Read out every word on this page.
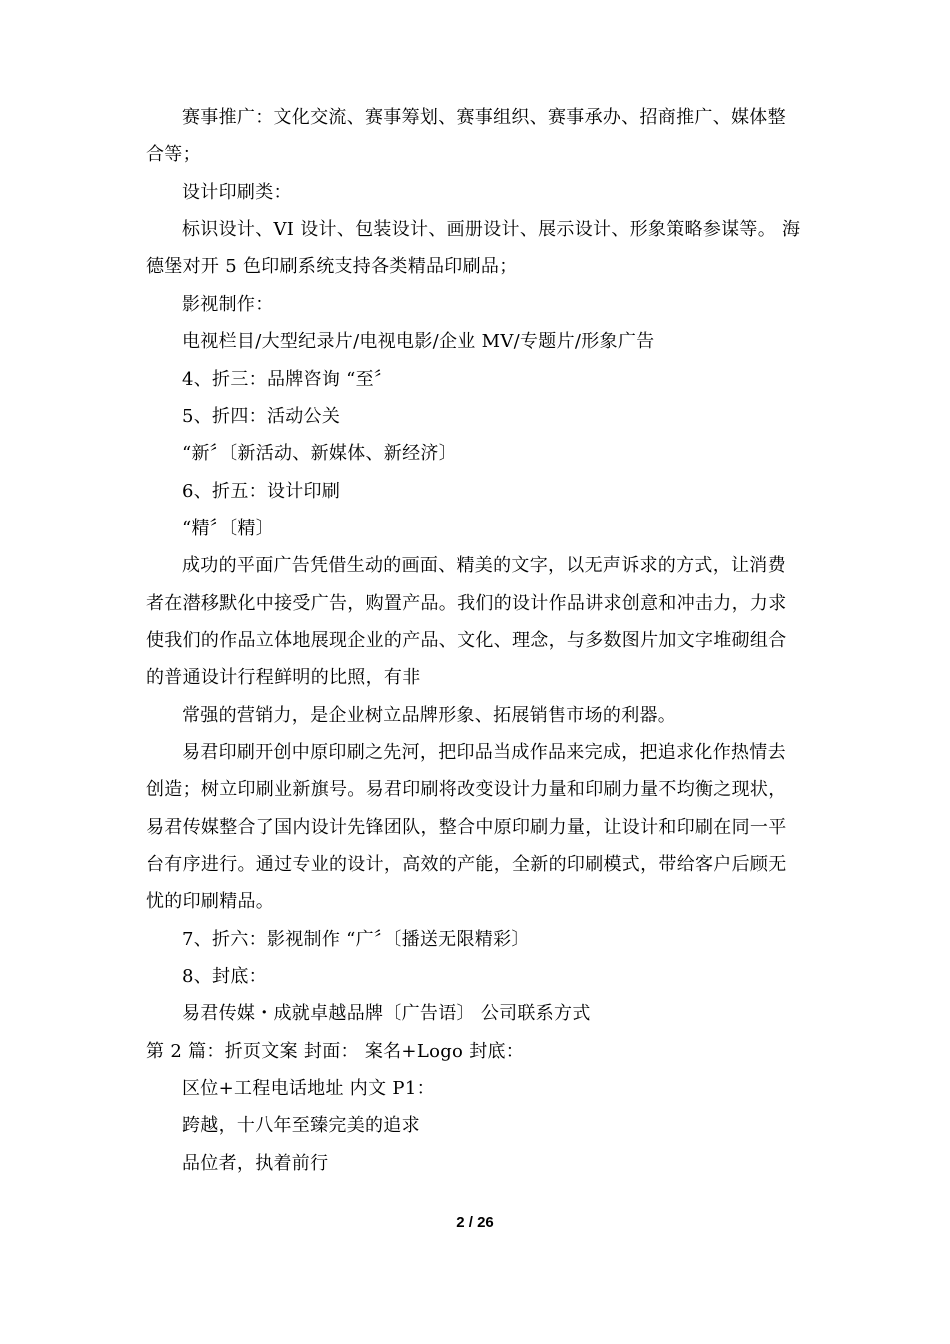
赛事推广：文化交流、赛事筹划、赛事组织、赛事承办、招商推广、媒体整
合等；
设计印刷类：
标识设计、VI 设计、包装设计、画册设计、展示设计、形象策略参谋等。 海
德堡对开 5 色印刷系统支持各类精品印刷品；
影视制作：
电视栏目/大型纪录片/电视电影/企业 MV/专题片/形象广告
4、折三：品牌咨询 “至〞
5、折四：活动公关
“新〞〔新活动、新媒体、新经济〕
6、折五：设计印刷
“精〞〔精〕
成功的平面广告凭借生动的画面、精美的文字，以无声诉求的方式，让消费
者在潜移默化中接受广告，购置产品。我们的设计作品讲求创意和冲击力，力求
使我们的作品立体地展现企业的产品、文化、理念，与多数图片加文字堆砌组合
的普通设计行程鲜明的比照，有非
常强的营销力，是企业树立品牌形象、拓展销售市场的利器。
易君印刷开创中原印刷之先河，把印品当成作品来完成，把追求化作热情去
创造；树立印刷业新旗号。易君印刷将改变设计力量和印刷力量不均衡之现状，
易君传媒整合了国内设计先锋团队，整合中原印刷力量，让设计和印刷在同一平
台有序进行。通过专业的设计，高效的产能，全新的印刷模式，带给客户后顾无
忧的印刷精品。
7、折六：影视制作 “广〞〔播送无限精彩〕
8、封底：
易君传媒・成就卓越品牌〔广告语〕 公司联系方式
第 2 篇：折页文案 封面： 案名+Logo 封底：
区位+工程电话地址 内文 P1：
跨越，十八年至臻完美的追求
品位者，执着前行
2 / 26
